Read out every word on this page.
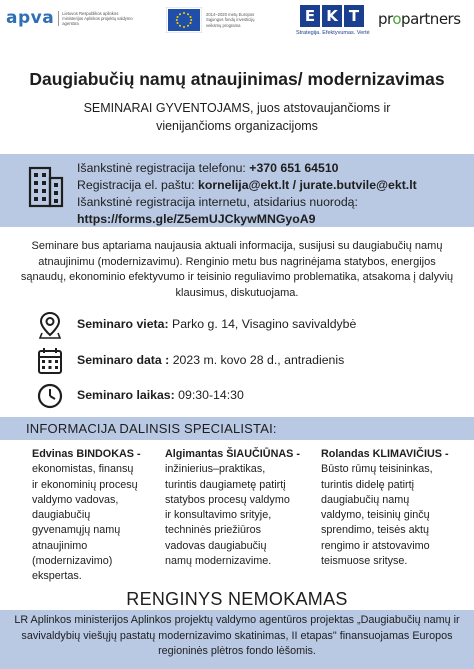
apva	Lietuvos Respublikos aplinkos ministerijos Aplinkos projektų valdymo agentūra
2014–2020 metų Europos Sąjungos fondų investicijų veiksmų programa
E K T
Strategija. Efektyvumas. Vertė
propartners
Daugiabučių namų atnaujinimas/ modernizavimas
SEMINARAI GYVENTOJAMS, juos atstovaujančioms ir vienijančioms organizacijoms
Išankstinė registracija telefonu: +370 651 64510
Registracija el. paštu: kornelija@ekt.lt / jurate.butvile@ekt.lt
Išankstinė registracija internetu, atsidarius nuorodą:
https://forms.gle/Z5emUJCkywMNGyoA9
Seminare bus aptariama naujausia aktuali informacija, susijusi su daugiabučių namų atnaujinimu (modernizavimu). Renginio metu bus nagrinėjama statybos, energijos sąnaudų, ekonominio efektyvumo ir teisinio reguliavimo problematika, atsakoma į dalyvių klausimus, diskutuojama.
Seminaro vieta: Parko g. 14, Visagino savivaldybė
Seminaro data : 2023 m. kovo 28 d., antradienis
Seminaro laikas: 09:30-14:30
INFORMACIJA DALINSIS SPECIALISTAI:
Edvinas BINDOKAS -
ekonomistas, finansų
ir ekonominių procesų
valdymo vadovas,
daugiabučių
gyvenamųjų namų
atnaujinimo
(modernizavimo)
ekspertas.
Algimantas ŠIAUČIŪNAS -
inžinierius–praktikas,
turintis daugiametę patirtį
statybos procesų valdymo
ir konsultavimo srityje,
techninės priežiūros
vadovas daugiabučių
namų modernizavime.
Rolandas KLIMAVIČIUS -
Būsto rūmų teisininkas,
turintis didelę patirtį
daugiabučių namų
valdymo, teisinių ginčų
sprendimo, teisės aktų
rengimo ir atstovavimo
teismuose srityse.
RENGINYS NEMOKAMAS
LR Aplinkos ministerijos Aplinkos projektų valdymo agentūros projektas „Daugiabučių namų ir savivaldybių viešųjų pastatų modernizavimo skatinimas, II etapas" finansuojamas Europos regioninės plėtros fondo lėšomis.
